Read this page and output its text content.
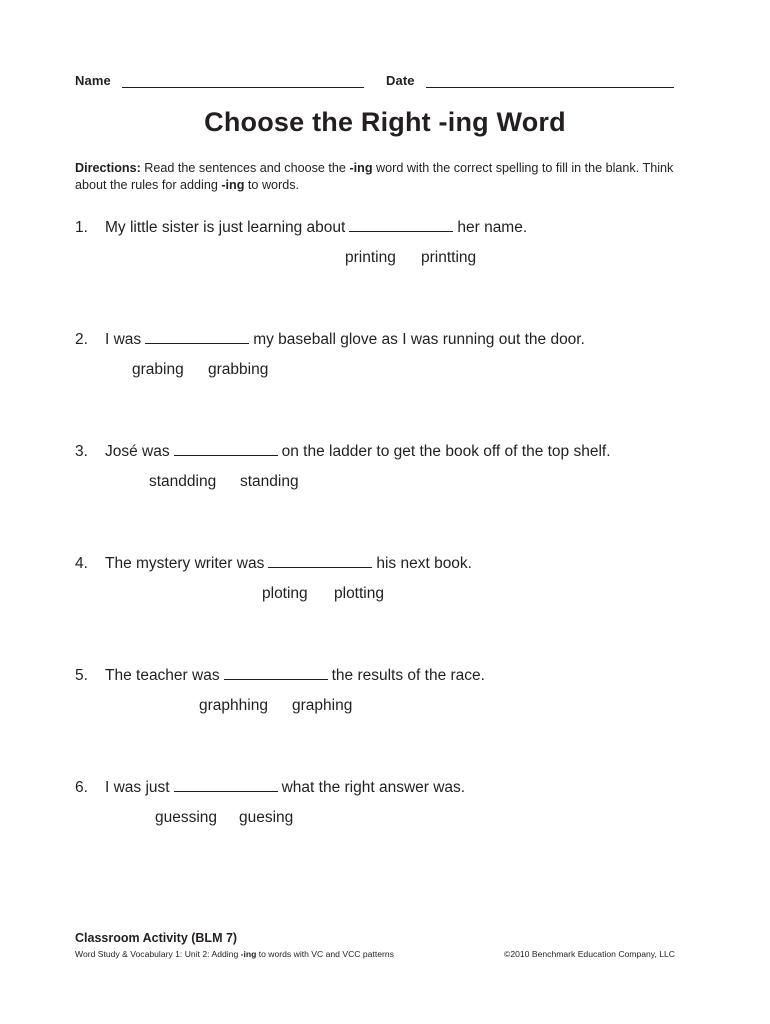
Name	Date
Choose the Right -ing Word
Directions: Read the sentences and choose the -ing word with the correct spelling to fill in the blank. Think about the rules for adding -ing to words.
1. My little sister is just learning about	her name.
printing printting
2. I was	my baseball glove as I was running out the door.
grabing grabbing
3. José was	on the ladder to get the book off of the top shelf.
standding standing
4. The mystery writer was	his next book.
ploting plotting
5. The teacher was	the results of the race.
graphhing graphing
6. I was just	what the right answer was.
guessing guesing
Classroom Activity (BLM 7)
Word Study & Vocabulary 1: Unit 2: Adding -ing to words with VC and VCC patterns	©2010 Benchmark Education Company, LLC
